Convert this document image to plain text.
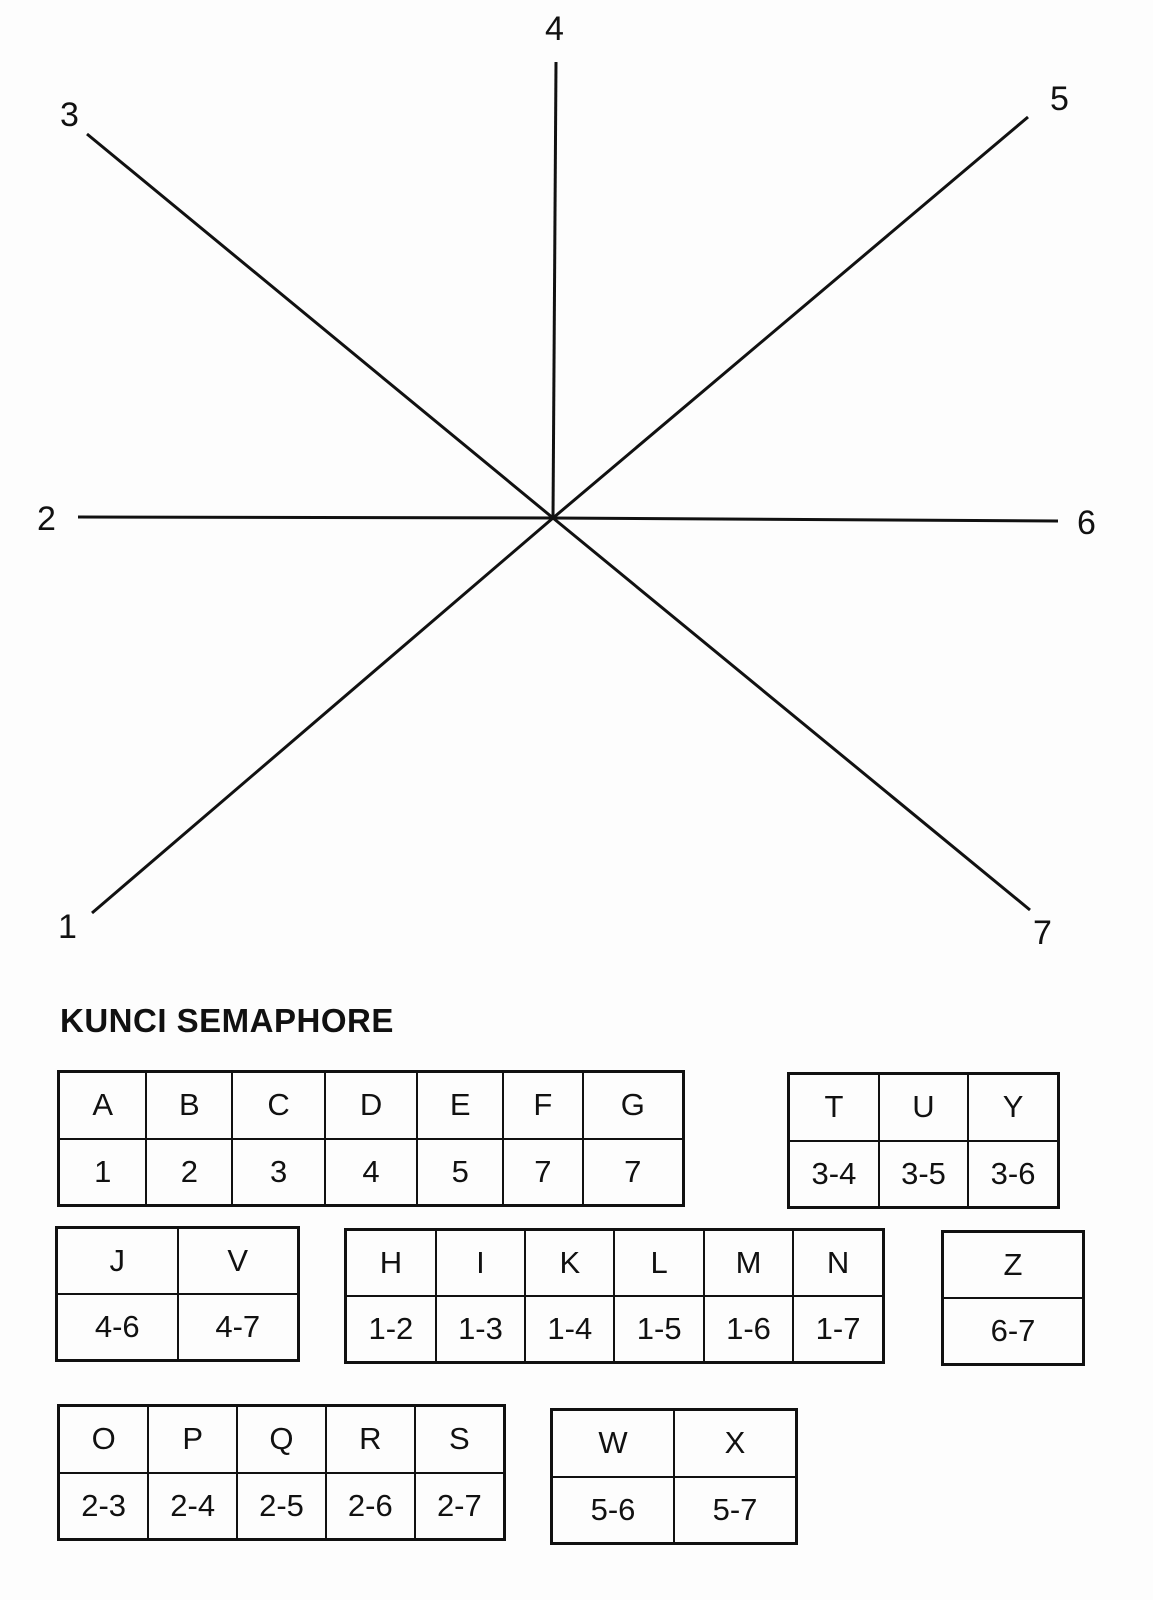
1
2
3
4
5
6
7
KUNCI SEMAPHORE
A	B	C	D	E	F	G
1	2	3	4	5	7	7
T	U	Y
3-4	3-5	3-6
J	V
4-6	4-7
H	I	K	L	M	N
1-2	1-3	1-4	1-5	1-6	1-7
Z
6-7
O	P	Q	R	S
2-3	2-4	2-5	2-6	2-7
W	X
5-6	5-7
